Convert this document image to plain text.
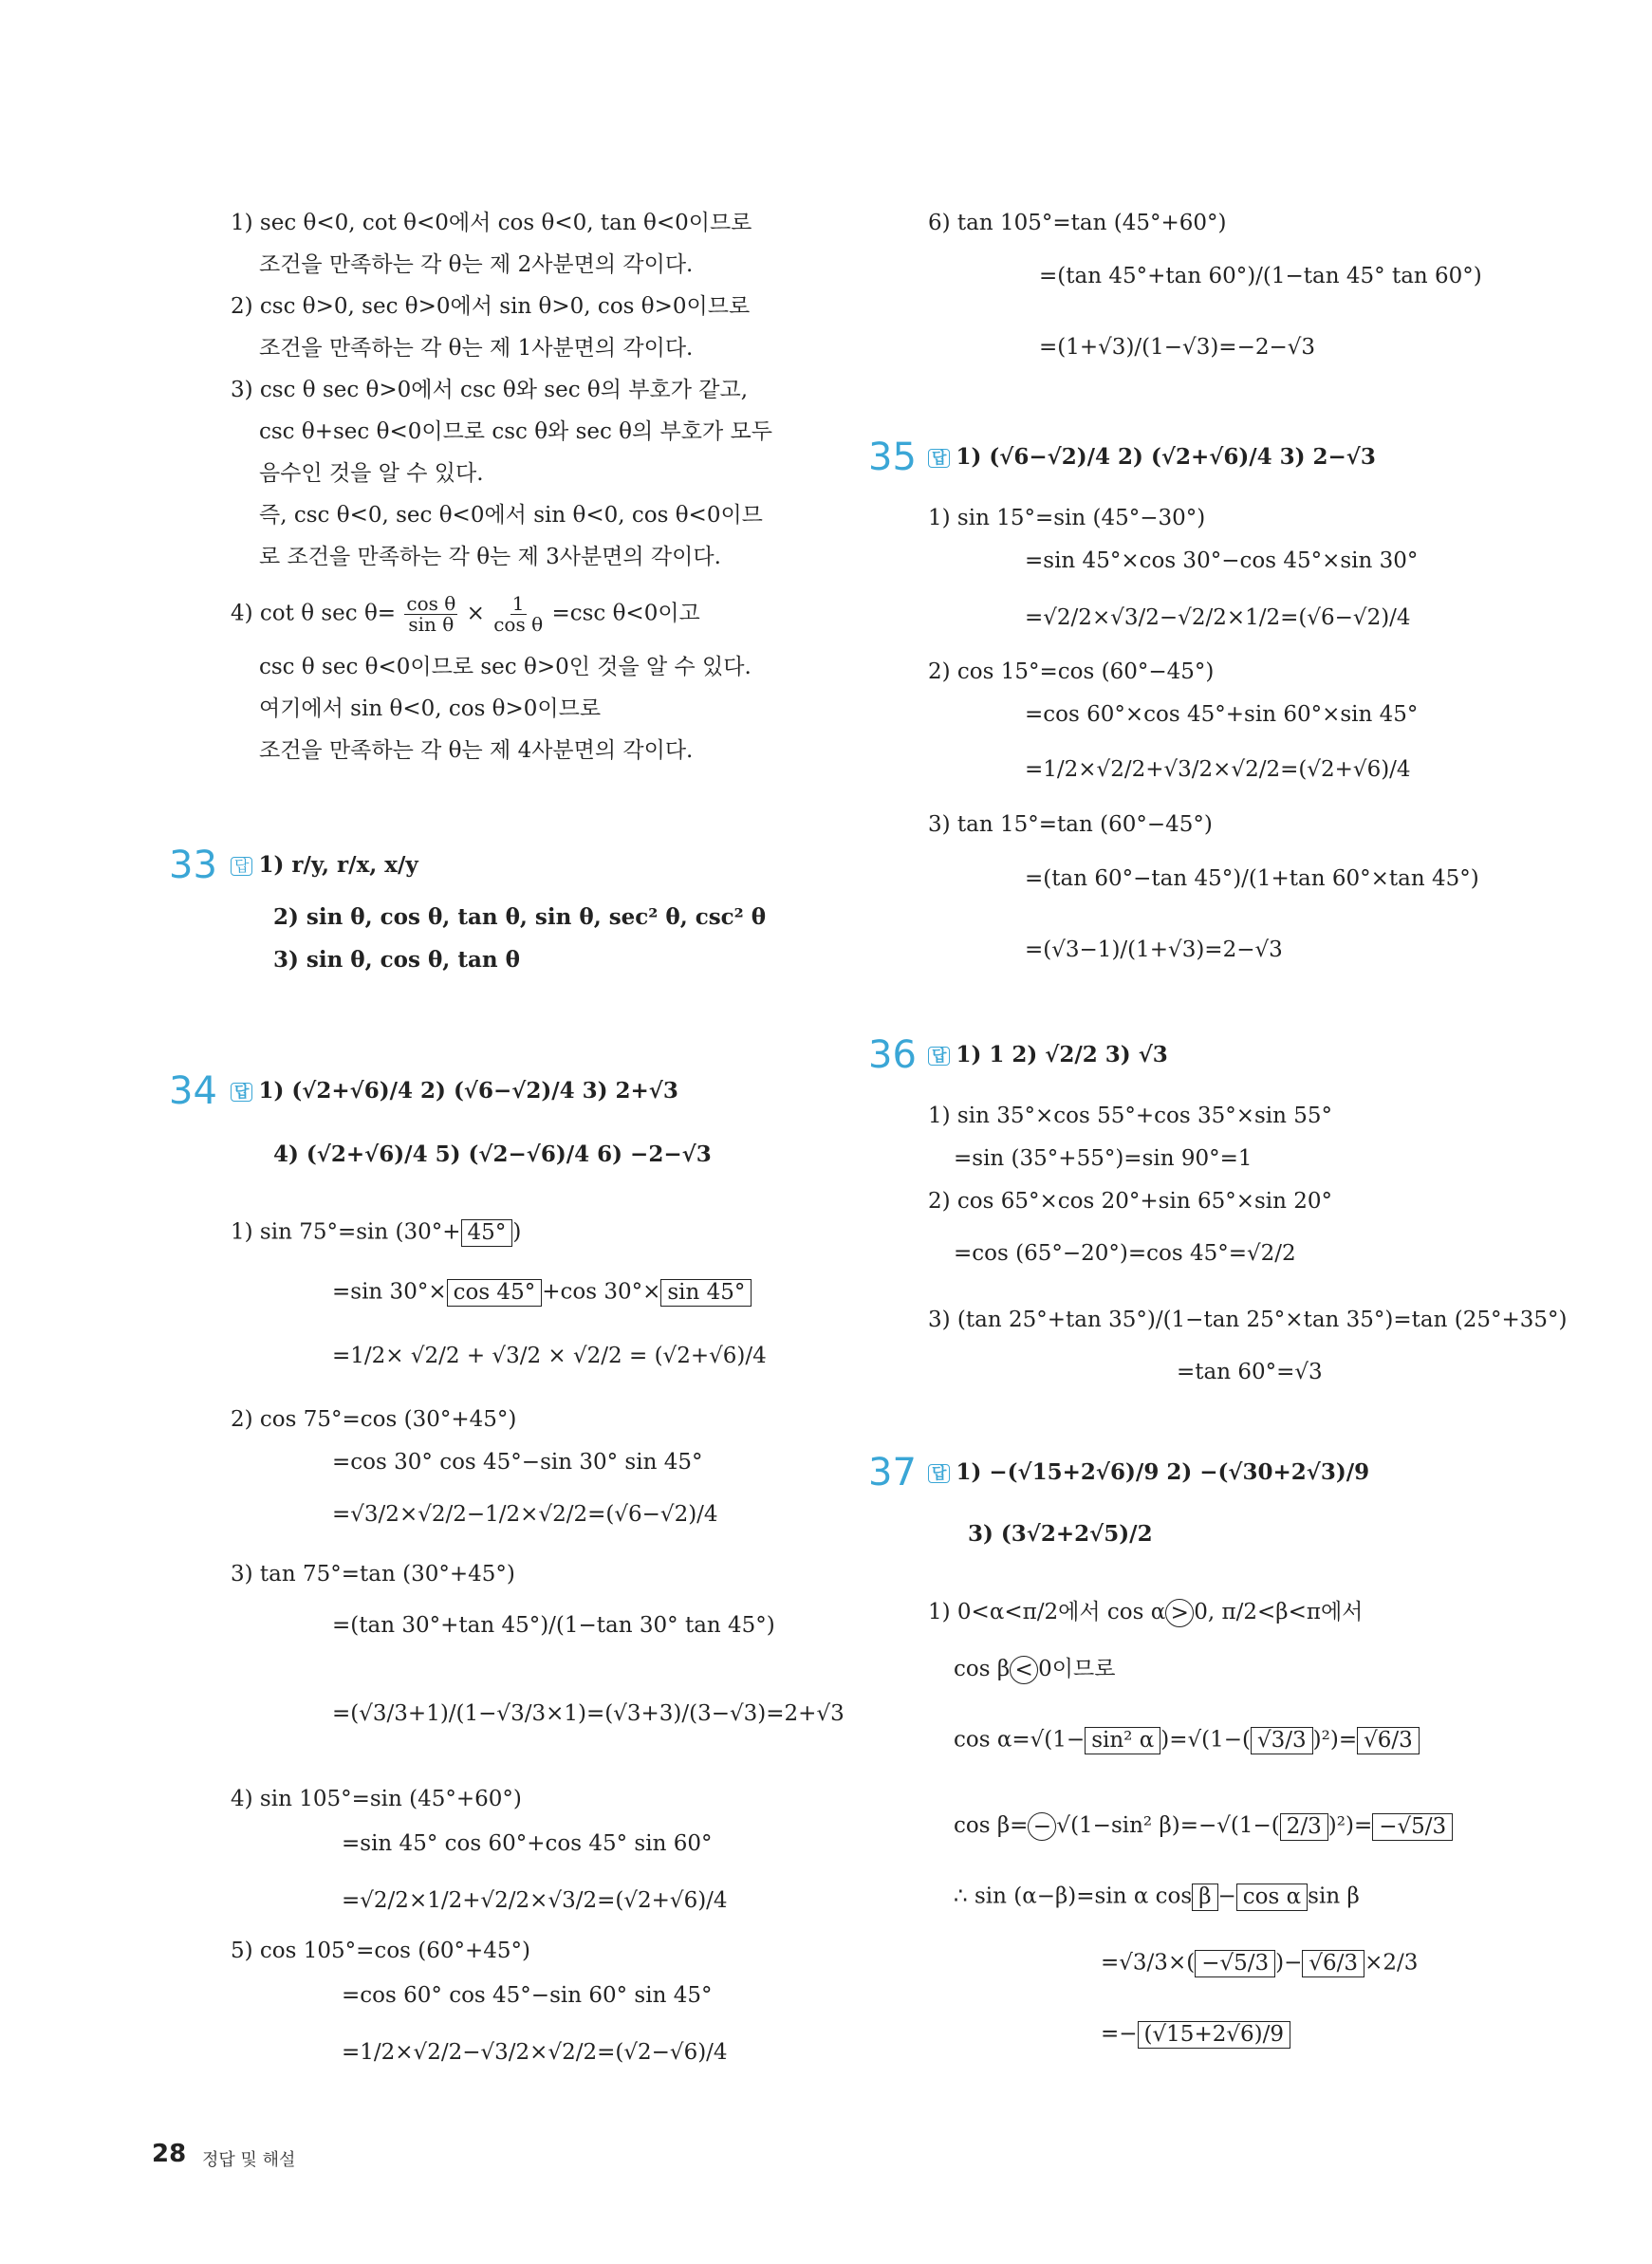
1) sec θ<0, cot θ<0에서 cos θ<0, tan θ<0이므로
조건을 만족하는 각 θ는 제 2사분면의 각이다.
2) csc θ>0, sec θ>0에서 sin θ>0, cos θ>0이므로
조건을 만족하는 각 θ는 제 1사분면의 각이다.
3) csc θ sec θ>0에서 csc θ와 sec θ의 부호가 같고,
csc θ+sec θ<0이므로 csc θ와 sec θ의 부호가 모두
음수인 것을 알 수 있다.
즉, csc θ<0, sec θ<0에서 sin θ<0, cos θ<0이므
로 조건을 만족하는 각 θ는 제 3사분면의 각이다.
4) cot θ $\sec \theta= \frac{\text{cos θ}}{\text{sin θ}} \times \frac{1}{\text{cos θ}} =\csc$ θ<0이고
csc θ sec θ<0이므로 sec θ>0인 것을 알 수 있다.
여기에서 sin θ<0, cos θ>0이므로
조건을 만족하는 각 θ는 제 4사분면의 각이다.
33 답 1) r/y, r/x, x/y
2) sin θ, cos θ, tan θ, sin θ, sec² θ, csc² θ
3) sin θ, cos θ, tan θ
34 답 1) (√2+√6)/4 2) (√6−√2)/4 3) 2+√3
4) (√2+√6)/4 5) (√2−√6)/4 6) −2−√3
1) sin 75°=sin (30°+ 45° )
=sin 30°× cos 45° +cos 30°× sin 45°
=1/2× √2/2 + √3/2 × √2/2 = (√2+√6)/4
2) cos 75°=cos (30°+45°)
=cos 30° cos 45°−sin 30° sin 45°
=√3/2×√2/2−1/2×√2/2=(√6−√2)/4
3) tan 75°=tan (30°+45°)
=(tan 30°+tan 45°)/(1−tan 30° tan 45°)
=(√3/3+1)/(1−√3/3×1)=(√3+3)/(3−√3)=2+√3
4) sin 105°=sin (45°+60°)
=sin 45° cos 60°+cos 45° sin 60°
=√2/2×1/2+√2/2×√3/2=(√2+√6)/4
5) cos 105°=cos (60°+45°)
=cos 60° cos 45°−sin 60° sin 45°
=1/2×√2/2−√3/2×√2/2=(√2−√6)/4
6) tan 105°=tan (45°+60°)
=(tan 45°+tan 60°)/(1−tan 45° tan 60°)
=(1+√3)/(1−√3)=−2−√3
35 답 1) (√6−√2)/4 2) (√2+√6)/4 3) 2−√3
1) sin 15°=sin (45°−30°)
=sin 45°×cos 30°−cos 45°×sin 30°
=√2/2×√3/2−√2/2×1/2=(√6−√2)/4
2) cos 15°=cos (60°−45°)
=cos 60°×cos 45°+sin 60°×sin 45°
=1/2×√2/2+√3/2×√2/2=(√2+√6)/4
3) tan 15°=tan (60°−45°)
=(tan 60°−tan 45°)/(1+tan 60°×tan 45°)
=(√3−1)/(1+√3)=2−√3
36 답 1) 1 2) √2/2 3) √3
1) sin 35°×cos 55°+cos 35°×sin 55°
=sin (35°+55°)=sin 90°=1
2) cos 65°×cos 20°+sin 65°×sin 20°
=cos (65°−20°)=cos 45°=√2/2
3) (tan 25°+tan 35°)/(1−tan 25°×tan 35°)=tan (25°+35°)
=tan 60°=√3
37 답 1) −(√15+2√6)/9 2) −(√30+2√3)/9
3) (3√2+2√5)/2
1) 0<α<π/2에서 cos α > 0, π/2<β<π에서
cos β < 0이므로
cos α=√(1− sin² α )=√(1−( √3/3 )²)= √6/3
cos β= − √(1−sin² β)=−√(1−( 2/3 )²)= −√5/3
∴ sin (α−β)=sin α cos β − cos α sin β
=√3/3×( −√5/3 )− √6/3 ×2/3
=− (√15+2√6)/9
28 정답 및 해설
